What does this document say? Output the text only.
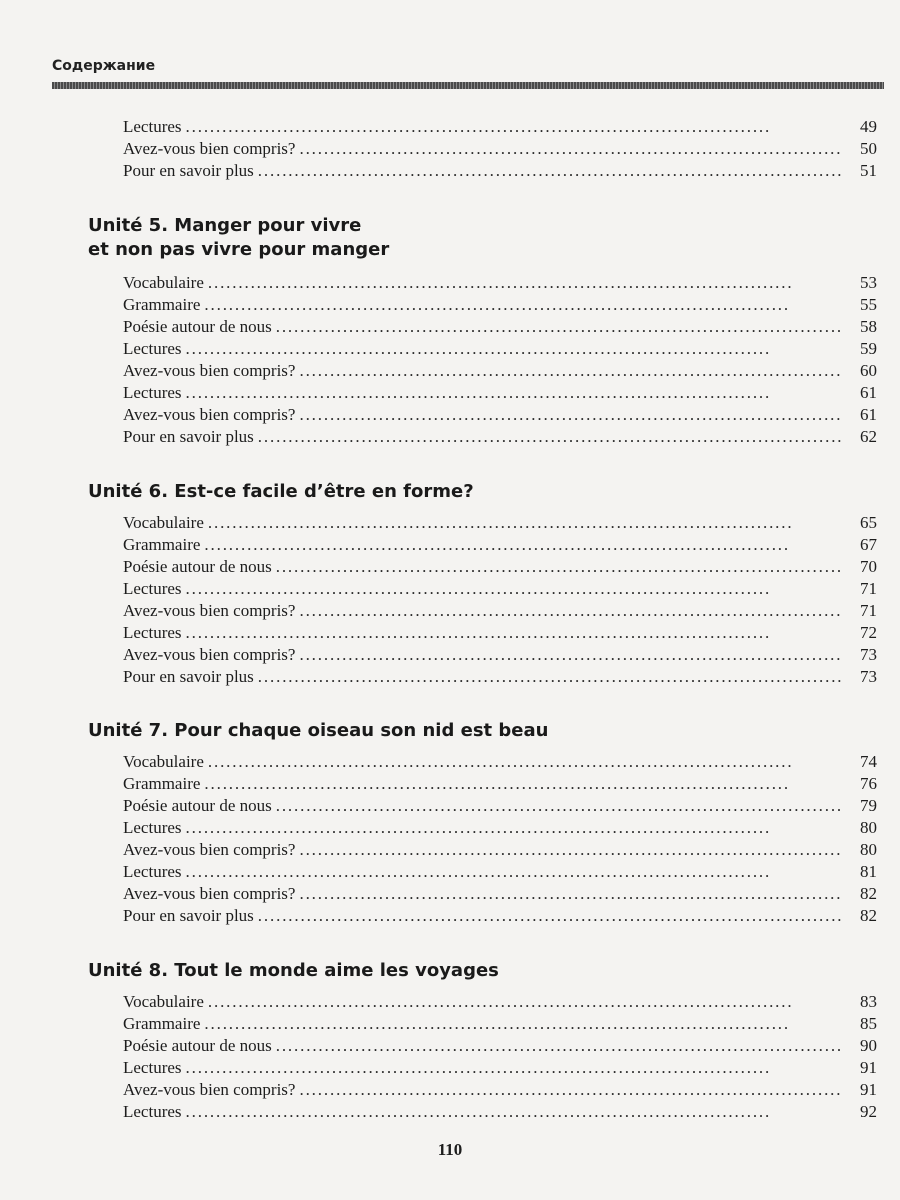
Содержание
Lectures . . .	49
Avez-vous bien compris? . . .	50
Pour en savoir plus . . .	51
Unité 5. Manger pour vivre
et non pas vivre pour manger
Vocabulaire . . .	53
Grammaire . . .	55
Poésie autour de nous . . .	58
Lectures . . .	59
Avez-vous bien compris? . . .	60
Lectures . . .	61
Avez-vous bien compris? . . .	61
Pour en savoir plus . . .	62
Unité 6. Est-ce facile d’être en forme?
Vocabulaire . . .	65
Grammaire . . .	67
Poésie autour de nous . . .	70
Lectures . . .	71
Avez-vous bien compris? . . .	71
Lectures . . .	72
Avez-vous bien compris? . . .	73
Pour en savoir plus . . .	73
Unité 7. Pour chaque oiseau son nid est beau
Vocabulaire . . .	74
Grammaire . . .	76
Poésie autour de nous . . .	79
Lectures . . .	80
Avez-vous bien compris? . . .	80
Lectures . . .	81
Avez-vous bien compris? . . .	82
Pour en savoir plus . . .	82
Unité 8. Tout le monde aime les voyages
Vocabulaire . . .	83
Grammaire . . .	85
Poésie autour de nous . . .	90
Lectures . . .	91
Avez-vous bien compris? . . .	91
Lectures . . .	92
110
